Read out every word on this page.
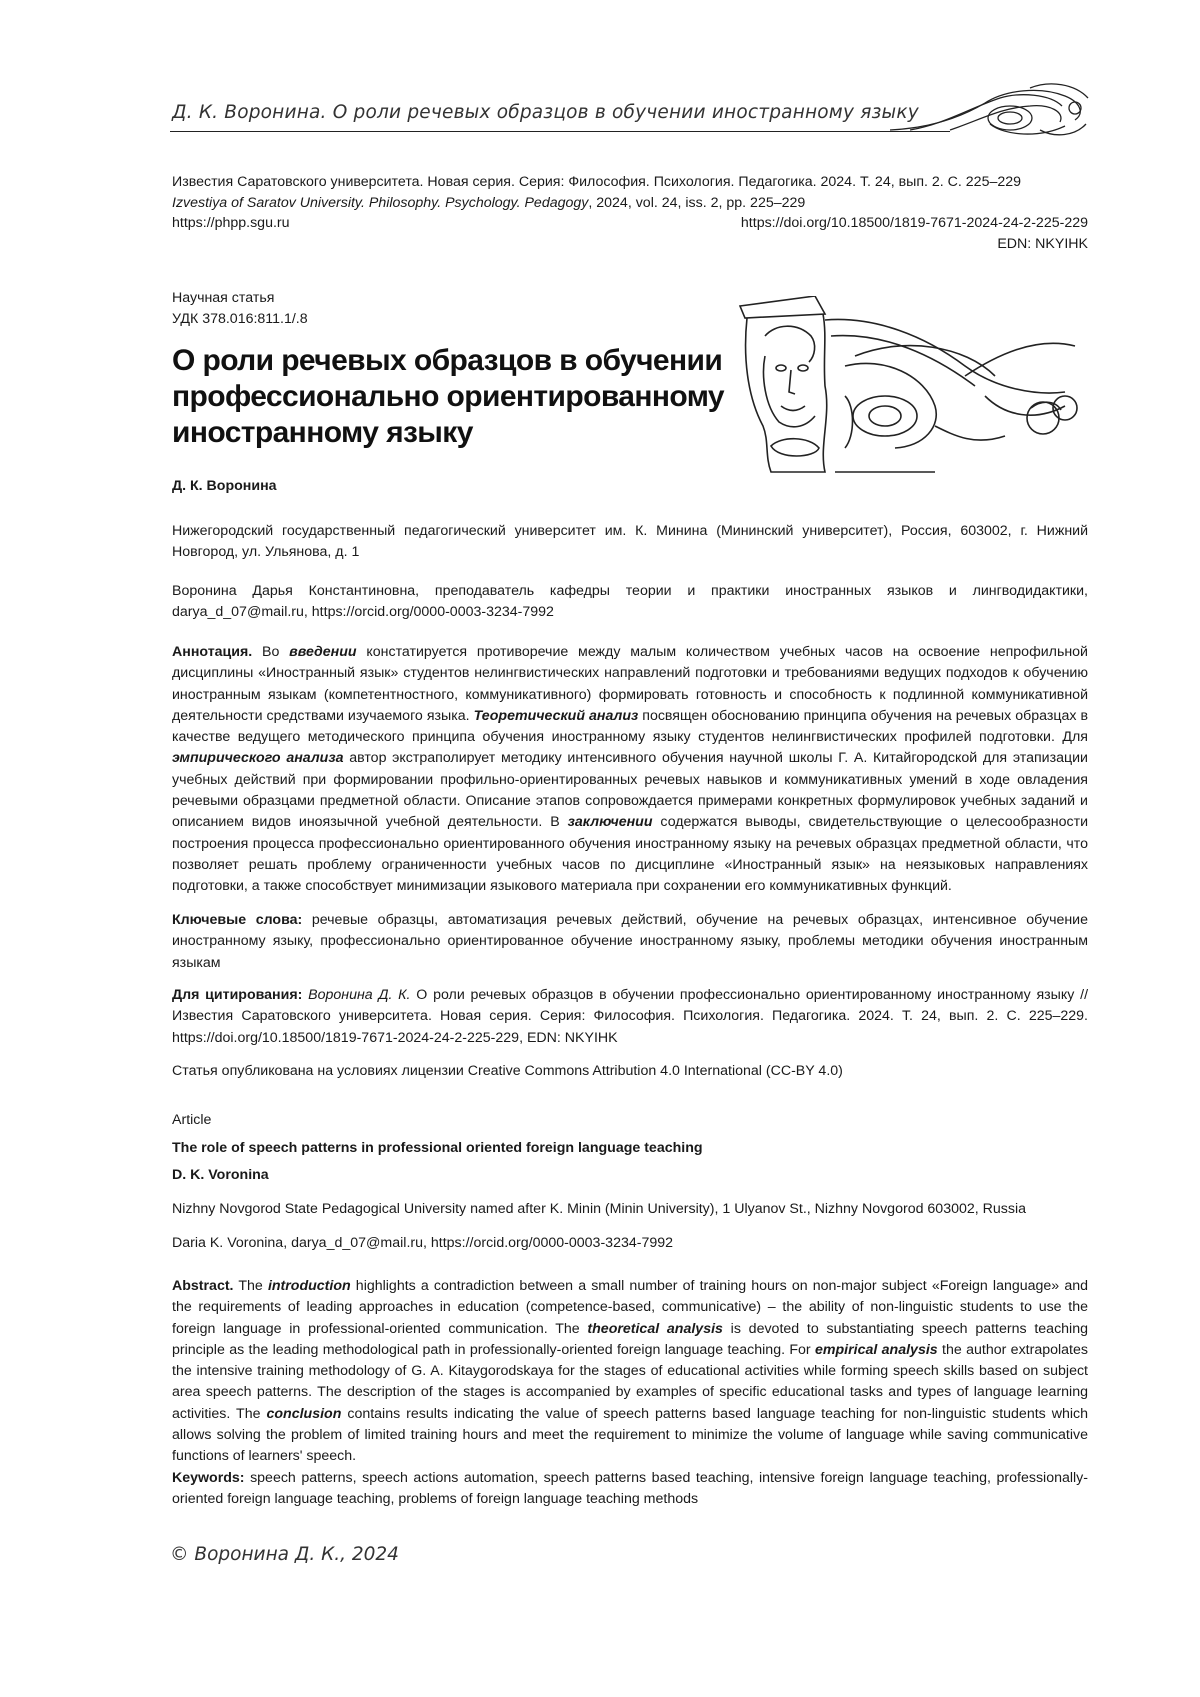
Д. К. Воронина. О роли речевых образцов в обучении иностранному языку
Известия Саратовского университета. Новая серия. Серия: Философия. Психология. Педагогика. 2024. Т. 24, вып. 2. С. 225–229
Izvestiya of Saratov University. Philosophy. Psychology. Pedagogy, 2024, vol. 24, iss. 2, pp. 225–229
https://phpp.sgu.ru	https://doi.org/10.18500/1819-7671-2024-24-2-225-229
EDN: NKYIHK
Научная статья
УДК 378.016:811.1/.8
О роли речевых образцов в обучении профессионально ориентированному иностранному языку
Д. К. Воронина
Нижегородский государственный педагогический университет им. К. Минина (Мининский университет), Россия, 603002, г. Нижний Новгород, ул. Ульянова, д. 1
Воронина Дарья Константиновна, преподаватель кафедры теории и практики иностранных языков и лингводидактики, darya_d_07@mail.ru, https://orcid.org/0000-0003-3234-7992
Аннотация. Во введении констатируется противоречие между малым количеством учебных часов на освоение непрофильной дисциплины «Иностранный язык» студентов нелингвистических направлений подготовки и требованиями ведущих подходов к обучению иностранным языкам (компетентностного, коммуникативного) формировать готовность и способность к подлинной коммуникативной деятельности средствами изучаемого языка. Теоретический анализ посвящен обоснованию принципа обучения на речевых образцах в качестве ведущего методического принципа обучения иностранному языку студентов нелингвистических профилей подготовки. Для эмпирического анализа автор экстраполирует методику интенсивного обучения научной школы Г. А. Китайгородской для этапизации учебных действий при формировании профильно-ориентированных речевых навыков и коммуникативных умений в ходе овладения речевыми образцами предметной области. Описание этапов сопровождается примерами конкретных формулировок учебных заданий и описанием видов иноязычной учебной деятельности. В заключении содержатся выводы, свидетельствующие о целесообразности построения процесса профессионально ориентированного обучения иностранному языку на речевых образцах предметной области, что позволяет решать проблему ограниченности учебных часов по дисциплине «Иностранный язык» на неязыковых направлениях подготовки, а также способствует минимизации языкового материала при сохранении его коммуникативных функций.
Ключевые слова: речевые образцы, автоматизация речевых действий, обучение на речевых образцах, интенсивное обучение иностранному языку, профессионально ориентированное обучение иностранному языку, проблемы методики обучения иностранным языкам
Для цитирования: Воронина Д. К. О роли речевых образцов в обучении профессионально ориентированному иностранному языку // Известия Саратовского университета. Новая серия. Серия: Философия. Психология. Педагогика. 2024. Т. 24, вып. 2. С. 225–229. https://doi.org/10.18500/1819-7671-2024-24-2-225-229, EDN: NKYIHK
Статья опубликована на условиях лицензии Creative Commons Attribution 4.0 International (CC-BY 4.0)
Article
The role of speech patterns in professional oriented foreign language teaching
D. K. Voronina
Nizhny Novgorod State Pedagogical University named after K. Minin (Minin University), 1 Ulyanov St., Nizhny Novgorod 603002, Russia
Daria K. Voronina, darya_d_07@mail.ru, https://orcid.org/0000-0003-3234-7992
Abstract. The introduction highlights a contradiction between a small number of training hours on non-major subject «Foreign language» and the requirements of leading approaches in education (competence-based, communicative) – the ability of non-linguistic students to use the foreign language in professional-oriented communication. The theoretical analysis is devoted to substantiating speech patterns teaching principle as the leading methodological path in professionally-oriented foreign language teaching. For empirical analysis the author extrapolates the intensive training methodology of G. A. Kitaygorodskaya for the stages of educational activities while forming speech skills based on subject area speech patterns. The description of the stages is accompanied by examples of specific educational tasks and types of language learning activities. The conclusion contains results indicating the value of speech patterns based language teaching for non-linguistic students which allows solving the problem of limited training hours and meet the requirement to minimize the volume of language while saving communicative functions of learners' speech.
Keywords: speech patterns, speech actions automation, speech patterns based teaching, intensive foreign language teaching, professionally-oriented foreign language teaching, problems of foreign language teaching methods
© Воронина Д. К., 2024
